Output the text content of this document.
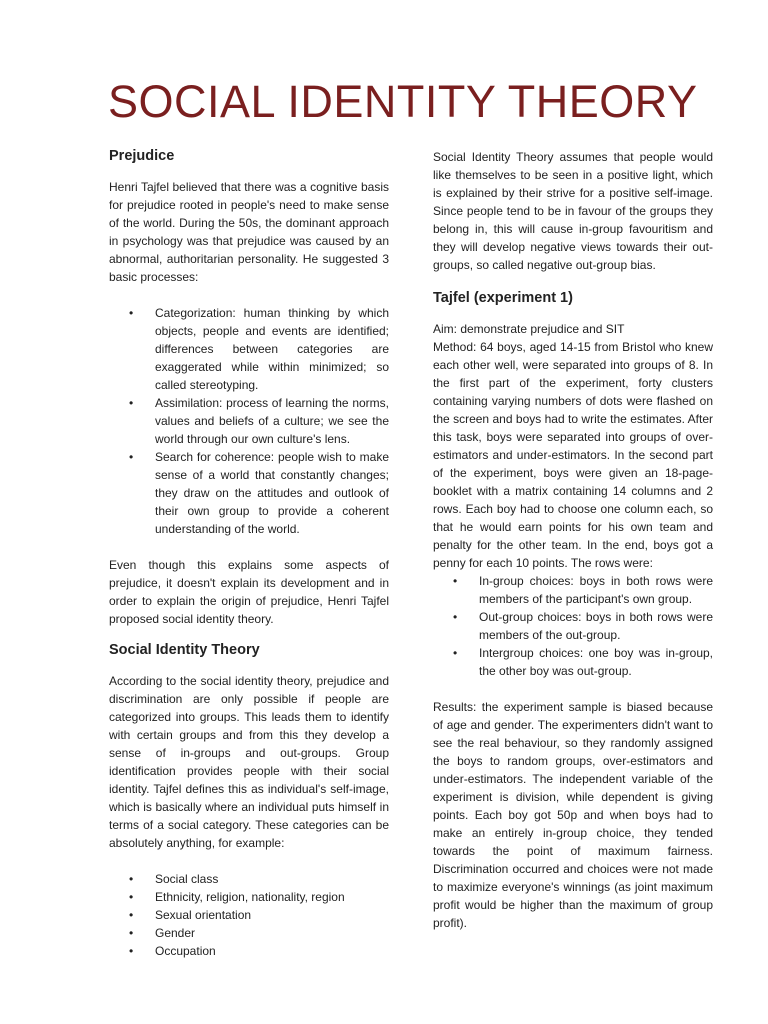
SOCIAL IDENTITY THEORY
Prejudice

Henri Tajfel believed that there was a cognitive basis for prejudice rooted in people's need to make sense of the world. During the 50s, the dominant approach in psychology was that prejudice was caused by an abnormal, authoritarian personality. He suggested 3 basic processes:

• Categorization: human thinking by which objects, people and events are identified; differences between categories are exaggerated while within minimized; so called stereotyping.
• Assimilation: process of learning the norms, values and beliefs of a culture; we see the world through our own culture's lens.
• Search for coherence: people wish to make sense of a world that constantly changes; they draw on the attitudes and outlook of their own group to provide a coherent understanding of the world.

Even though this explains some aspects of prejudice, it doesn't explain its development and in order to explain the origin of prejudice, Henri Tajfel proposed social identity theory.

Social Identity Theory

According to the social identity theory, prejudice and discrimination are only possible if people are categorized into groups. This leads them to identify with certain groups and from this they develop a sense of in-groups and out-groups. Group identification provides people with their social identity. Tajfel defines this as individual's self-image, which is basically where an individual puts himself in terms of a social category. These categories can be absolutely anything, for example:

• Social class
• Ethnicity, religion, nationality, region
• Sexual orientation
• Gender
• Occupation

Social Identity Theory assumes that people would like themselves to be seen in a positive light, which is explained by their strive for a positive self-image. Since people tend to be in favour of the groups they belong in, this will cause in-group favouritism and they will develop negative views towards their out-groups, so called negative out-group bias.

Tajfel (experiment 1)

Aim: demonstrate prejudice and SIT

Method: 64 boys, aged 14-15 from Bristol who knew each other well, were separated into groups of 8. In the first part of the experiment, forty clusters containing varying numbers of dots were flashed on the screen and boys had to write the estimates. After this task, boys were separated into groups of over-estimators and under-estimators. In the second part of the experiment, boys were given an 18-page-booklet with a matrix containing 14 columns and 2 rows. Each boy had to choose one column each, so that he would earn points for his own team and penalty for the other team. In the end, boys got a penny for each 10 points. The rows were:

• In-group choices: boys in both rows were members of the participant's own group.
• Out-group choices: boys in both rows were members of the out-group.
• Intergroup choices: one boy was in-group, the other boy was out-group.

Results: the experiment sample is biased because of age and gender. The experimenters didn't want to see the real behaviour, so they randomly assigned the boys to random groups, over-estimators and under-estimators. The independent variable of the experiment is division, while dependent is giving points. Each boy got 50p and when boys had to make an entirely in-group choice, they tended towards the point of maximum fairness. Discrimination occurred and choices were not made to maximize everyone's winnings (as joint maximum profit would be higher than the maximum of group profit).
